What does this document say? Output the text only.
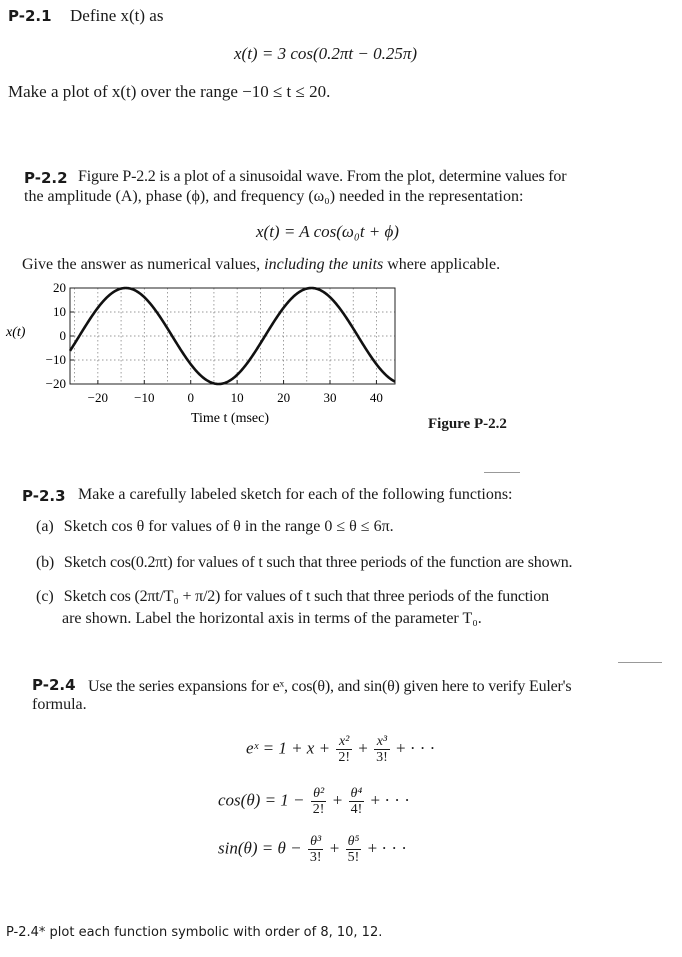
P-2.1 Define x(t) as
x(t) = 3 cos(0.2πt − 0.25π)
Make a plot of x(t) over the range −10 ≤ t ≤ 20.
P-2.2 Figure P-2.2 is a plot of a sinusoidal wave. From the plot, determine values for
the amplitude (A), phase (ϕ), and frequency (ω₀) needed in the representation:
x(t) = A cos(ω₀t + ϕ)
Give the answer as numerical values, including the units where applicable.
Figure P-2.2
20
10
0
−10
−20
−20 −10	0	10	20	30	40
x(t)
Time t (msec)
P-2.3 Make a carefully labeled sketch for each of the following functions:
(a) Sketch cos θ for values of θ in the range 0 ≤ θ ≤ 6π.
(b) Sketch cos(0.2πt) for values of t such that three periods of the function are shown.
(c) Sketch cos (2πt/T₀ + π/2) for values of t such that three periods of the function
are shown. Label the horizontal axis in terms of the parameter T₀.
P-2.4 Use the series expansions for eˣ, cos(θ), and sin(θ) given here to verify Euler's
formula.
eˣ = $1 + x + \frac{\text{x²}}{2!} + \frac{\text{x³}}{3!}$ + · · ·
$\cos(\theta) = 1 - \frac{\text{θ²}}{2!} + \frac{\text{θ⁴}}{4!}$ + · · ·
$\sin(\theta) = \theta - \frac{\text{θ³}}{3!} + \frac{\text{θ⁵}}{5!}$ + · · ·
P-2.4* plot each function symbolic with order of 8, 10, 12.
